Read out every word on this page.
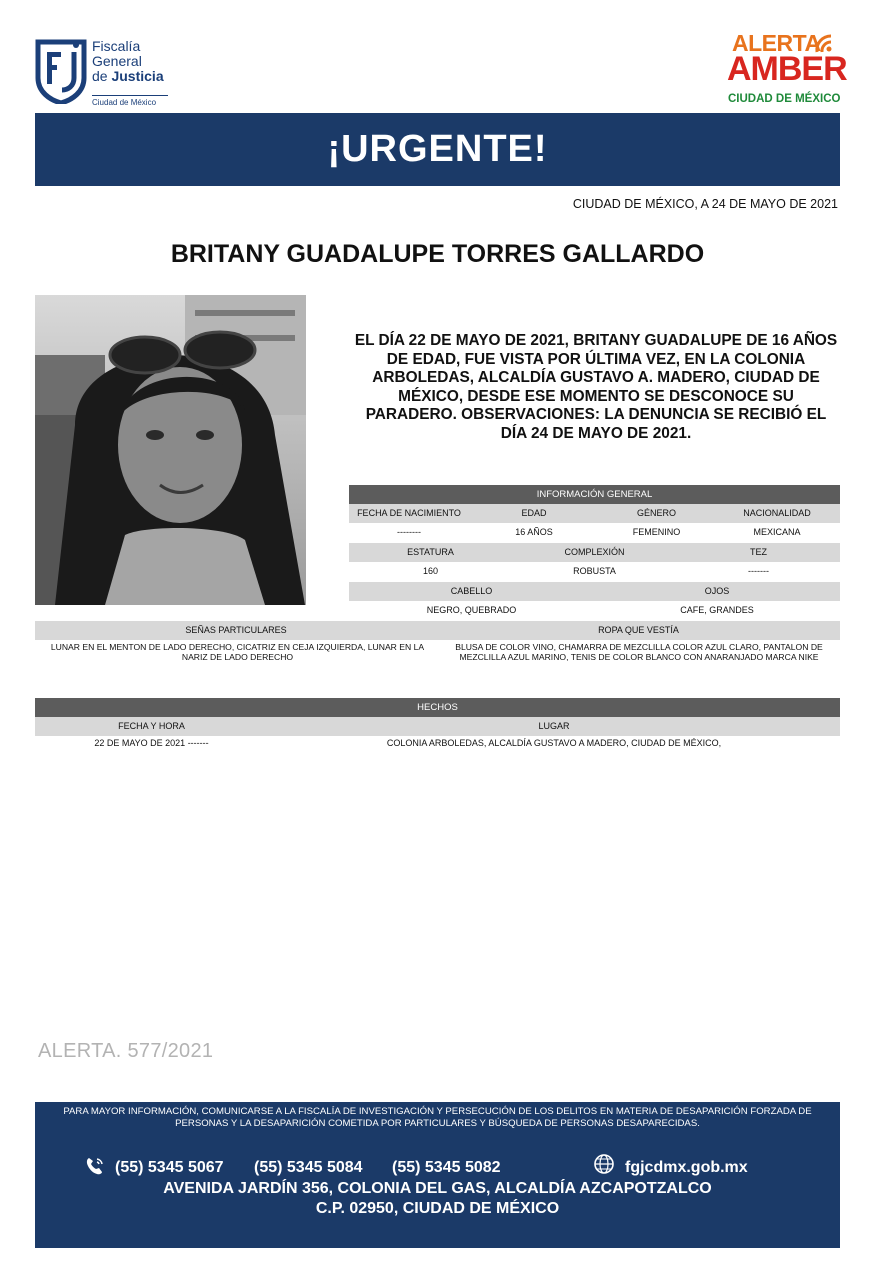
Fiscalía
General
de Justicia
Ciudad de México
ALERTA
AMBER
CIUDAD DE MÉXICO
¡URGENTE!
CIUDAD DE MÉXICO, A 24 DE MAYO DE 2021
BRITANY GUADALUPE TORRES GALLARDO
EL DÍA 22 DE MAYO DE 2021, BRITANY GUADALUPE DE 16 AÑOS DE EDAD, FUE VISTA POR ÚLTIMA VEZ, EN LA COLONIA ARBOLEDAS, ALCALDÍA GUSTAVO A. MADERO, CIUDAD DE MÉXICO, DESDE ESE MOMENTO SE DESCONOCE SU PARADERO. OBSERVACIONES: LA DENUNCIA SE RECIBIÓ EL DÍA 24 DE MAYO DE 2021.
INFORMACIÓN GENERAL
FECHA DE NACIMIENTO	EDAD	GÉNERO	NACIONALIDAD
--------	16 AÑOS	FEMENINO	MEXICANA
ESTATURA	COMPLEXIÓN	TEZ
160	ROBUSTA	-------
CABELLO	OJOS
NEGRO, QUEBRADO	CAFE, GRANDES
SEÑAS PARTICULARES	ROPA QUE VESTÍA
LUNAR EN EL MENTON DE LADO DERECHO, CICATRIZ EN CEJA IZQUIERDA, LUNAR EN LA NARIZ DE LADO DERECHO
BLUSA DE COLOR VINO, CHAMARRA DE MEZCLILLA COLOR AZUL CLARO, PANTALON DE MEZCLILLA AZUL MARINO, TENIS DE COLOR BLANCO CON ANARANJADO MARCA NIKE
HECHOS
FECHA Y HORA	LUGAR
22 DE MAYO DE 2021 -------	COLONIA ARBOLEDAS, ALCALDÍA GUSTAVO A MADERO, CIUDAD DE MÉXICO,
ALERTA. 577/2021
PARA MAYOR INFORMACIÓN, COMUNICARSE A LA FISCALÍA DE INVESTIGACIÓN Y PERSECUCIÓN DE LOS DELITOS EN MATERIA DE DESAPARICIÓN FORZADA DE PERSONAS Y LA DESAPARICIÓN COMETIDA POR PARTICULARES Y BÚSQUEDA DE PERSONAS DESAPARECIDAS.
(55) 5345 5067 (55) 5345 5084 (55) 5345 5082	fgjcdmx.gob.mx
AVENIDA JARDÍN 356, COLONIA DEL GAS, ALCALDÍA AZCAPOTZALCO
C.P. 02950, CIUDAD DE MÉXICO
